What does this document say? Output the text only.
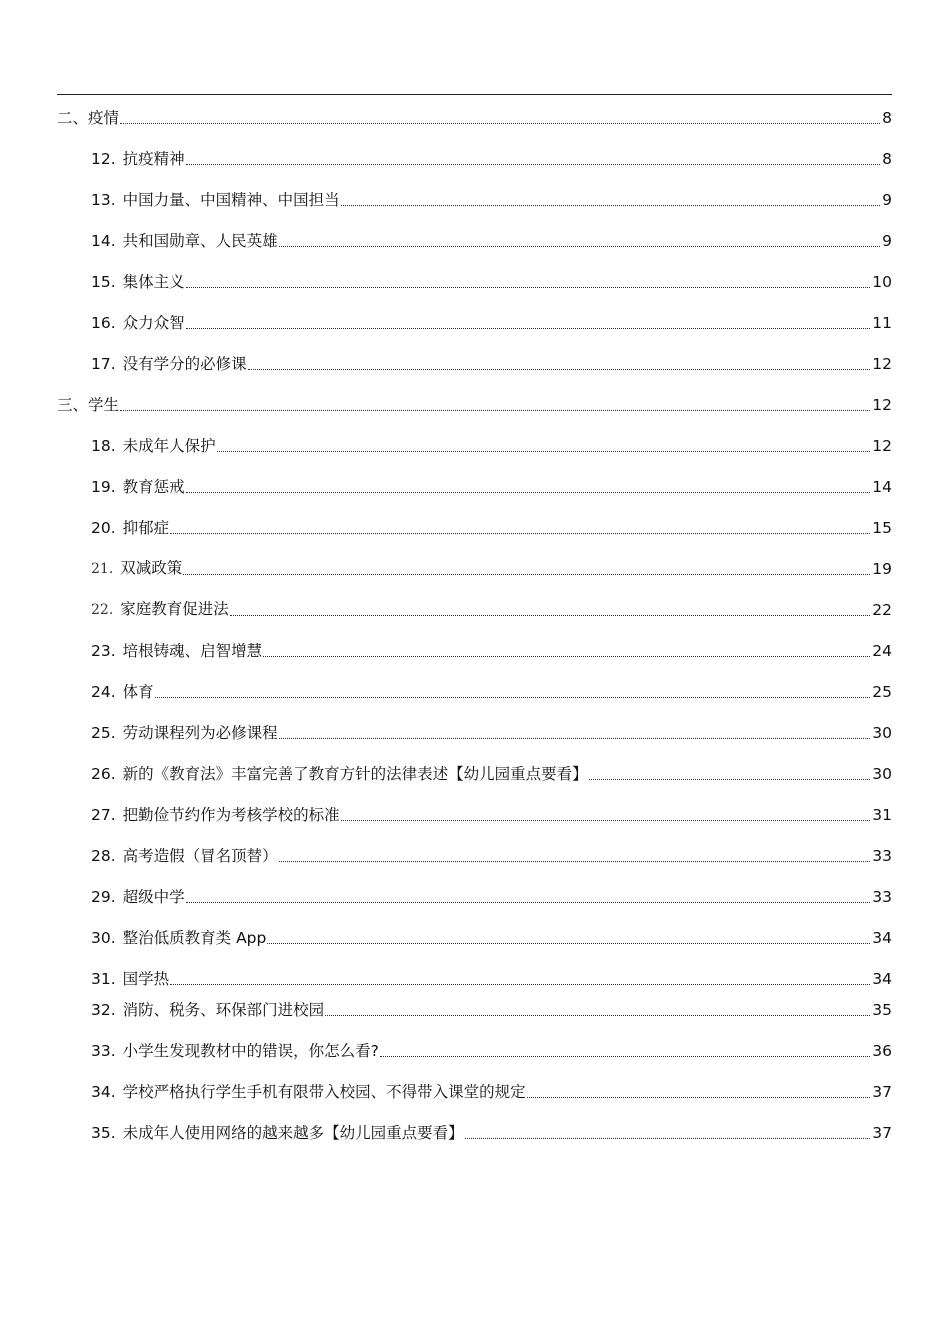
二、疫情	8
12. 抗疫精神	8
13. 中国力量、中国精神、中国担当	9
14. 共和国勋章、人民英雄	9
15. 集体主义	10
16. 众力众智	11
17. 没有学分的必修课	12
三、学生	12
18. 未成年人保护	12
19. 教育惩戒	14
20. 抑郁症	15
21. 双减政策	19
22. 家庭教育促进法	22
23. 培根铸魂、启智增慧	24
24. 体育	25
25. 劳动课程列为必修课程	30
26. 新的《教育法》丰富完善了教育方针的法律表述【幼儿园重点要看】	30
27. 把勤俭节约作为考核学校的标准	31
28. 高考造假（冒名顶替）	33
29. 超级中学	33
30. 整治低质教育类 App	34
31. 国学热	34
32. 消防、税务、环保部门进校园	35
33. 小学生发现教材中的错误，你怎么看?	36
34. 学校严格执行学生手机有限带入校园、不得带入课堂的规定	37
35. 未成年人使用网络的越来越多【幼儿园重点要看】	37
